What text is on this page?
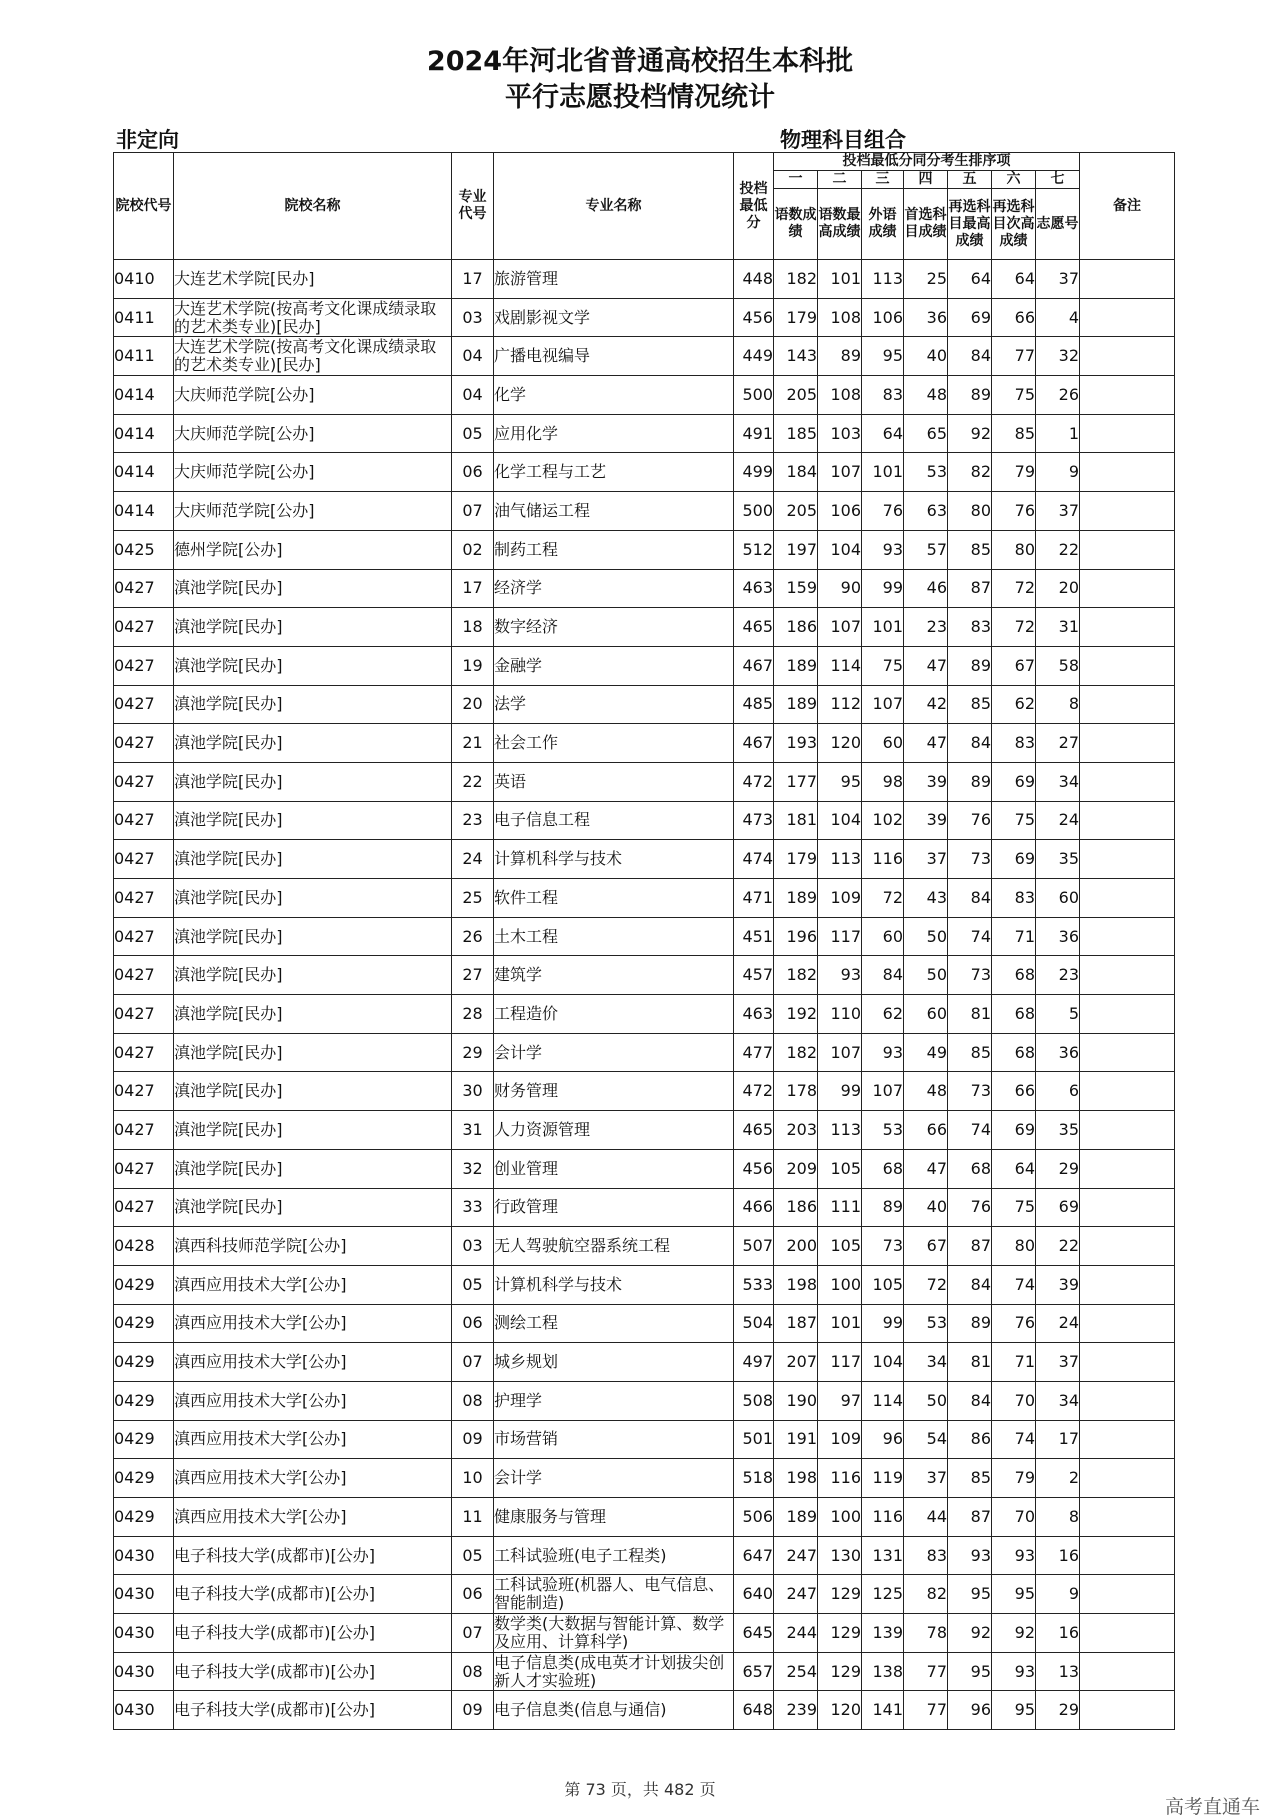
2024年河北省普通高校招生本科批
平行志愿投档情况统计
非定向	物理科目组合
院校代号	院校名称	专业代号	专业名称	投档最低分	投档最低分同分考生排序项							备注
					一	二	三	四	五	六	七	
					语数成绩	语数最高成绩	外语成绩	首选科目成绩	再选科目最高成绩	再选科目次高成绩	志愿号	
0410	大连艺术学院[民办]	17	旅游管理	448	182	101	113	25	64	64	37	
0411	大连艺术学院(按高考文化课成绩录取的艺术类专业)[民办]	03	戏剧影视文学	456	179	108	106	36	69	66	4	
0411	大连艺术学院(按高考文化课成绩录取的艺术类专业)[民办]	04	广播电视编导	449	143	89	95	40	84	77	32	
0414	大庆师范学院[公办]	04	化学	500	205	108	83	48	89	75	26	
0414	大庆师范学院[公办]	05	应用化学	491	185	103	64	65	92	85	1	
0414	大庆师范学院[公办]	06	化学工程与工艺	499	184	107	101	53	82	79	9	
0414	大庆师范学院[公办]	07	油气储运工程	500	205	106	76	63	80	76	37	
0425	德州学院[公办]	02	制药工程	512	197	104	93	57	85	80	22	
0427	滇池学院[民办]	17	经济学	463	159	90	99	46	87	72	20	
0427	滇池学院[民办]	18	数字经济	465	186	107	101	23	83	72	31	
0427	滇池学院[民办]	19	金融学	467	189	114	75	47	89	67	58	
0427	滇池学院[民办]	20	法学	485	189	112	107	42	85	62	8	
0427	滇池学院[民办]	21	社会工作	467	193	120	60	47	84	83	27	
0427	滇池学院[民办]	22	英语	472	177	95	98	39	89	69	34	
0427	滇池学院[民办]	23	电子信息工程	473	181	104	102	39	76	75	24	
0427	滇池学院[民办]	24	计算机科学与技术	474	179	113	116	37	73	69	35	
0427	滇池学院[民办]	25	软件工程	471	189	109	72	43	84	83	60	
0427	滇池学院[民办]	26	土木工程	451	196	117	60	50	74	71	36	
0427	滇池学院[民办]	27	建筑学	457	182	93	84	50	73	68	23	
0427	滇池学院[民办]	28	工程造价	463	192	110	62	60	81	68	5	
0427	滇池学院[民办]	29	会计学	477	182	107	93	49	85	68	36	
0427	滇池学院[民办]	30	财务管理	472	178	99	107	48	73	66	6	
0427	滇池学院[民办]	31	人力资源管理	465	203	113	53	66	74	69	35	
0427	滇池学院[民办]	32	创业管理	456	209	105	68	47	68	64	29	
0427	滇池学院[民办]	33	行政管理	466	186	111	89	40	76	75	69	
0428	滇西科技师范学院[公办]	03	无人驾驶航空器系统工程	507	200	105	73	67	87	80	22	
0429	滇西应用技术大学[公办]	05	计算机科学与技术	533	198	100	105	72	84	74	39	
0429	滇西应用技术大学[公办]	06	测绘工程	504	187	101	99	53	89	76	24	
0429	滇西应用技术大学[公办]	07	城乡规划	497	207	117	104	34	81	71	37	
0429	滇西应用技术大学[公办]	08	护理学	508	190	97	114	50	84	70	34	
0429	滇西应用技术大学[公办]	09	市场营销	501	191	109	96	54	86	74	17	
0429	滇西应用技术大学[公办]	10	会计学	518	198	116	119	37	85	79	2	
0429	滇西应用技术大学[公办]	11	健康服务与管理	506	189	100	116	44	87	70	8	
0430	电子科技大学(成都市)[公办]	05	工科试验班(电子工程类)	647	247	130	131	83	93	93	16	
0430	电子科技大学(成都市)[公办]	06	工科试验班(机器人、电气信息、智能制造)	640	247	129	125	82	95	95	9	
0430	电子科技大学(成都市)[公办]	07	数学类(大数据与智能计算、数学及应用、计算科学)	645	244	129	139	78	92	92	16	
0430	电子科技大学(成都市)[公办]	08	电子信息类(成电英才计划拔尖创新人才实验班)	657	254	129	138	77	95	93	13	
0430	电子科技大学(成都市)[公办]	09	电子信息类(信息与通信)	648	239	120	141	77	96	95	29	
第 73 页，共 482 页
高考直通车
